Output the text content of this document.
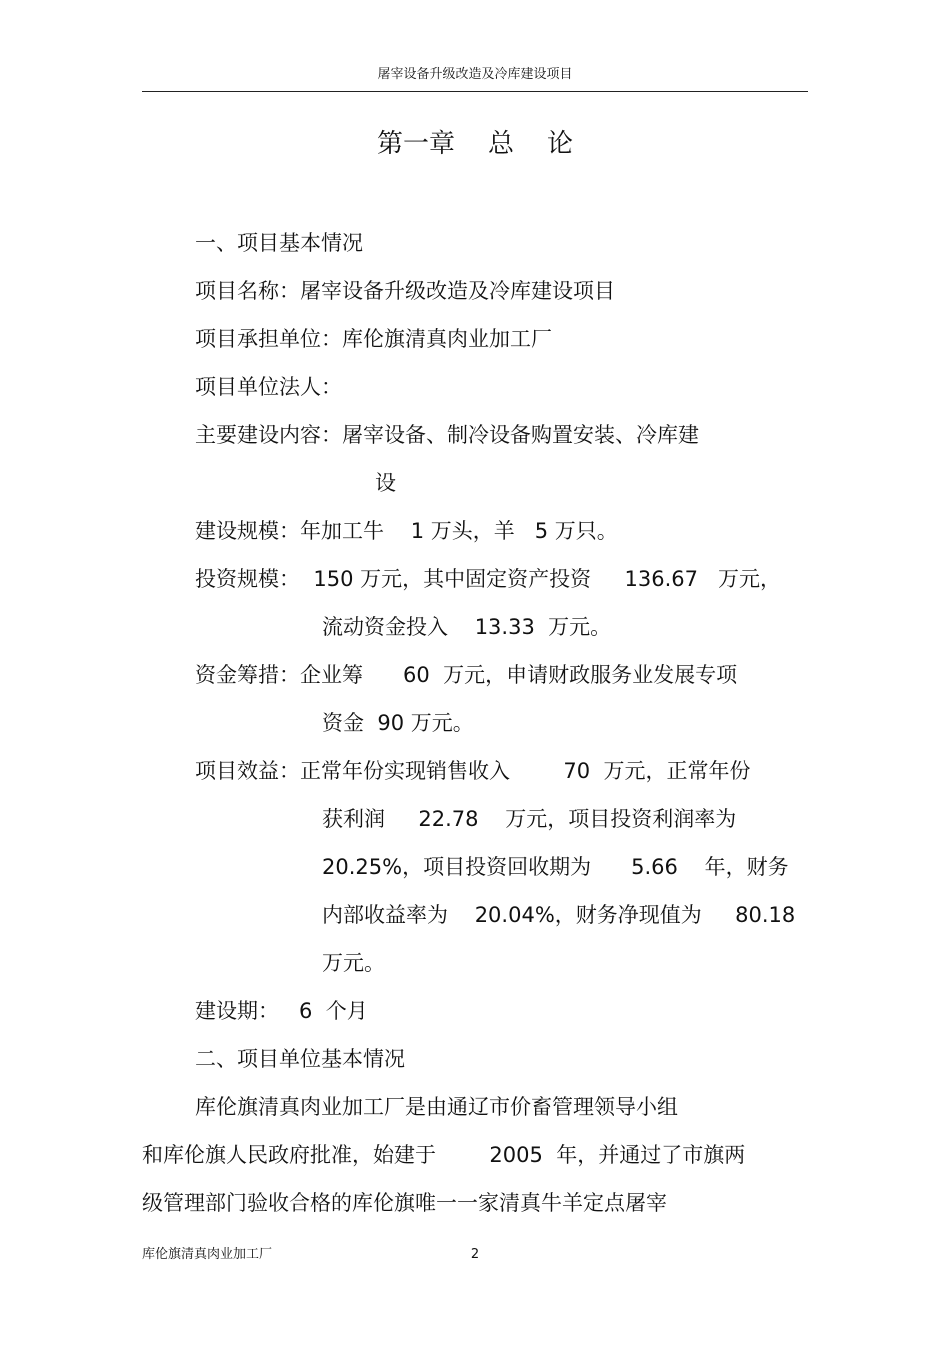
屠宰设备升级改造及冷库建设项目
第一章    总    论
一、项目基本情况
项目名称：屠宰设备升级改造及冷库建设项目
项目承担单位：库伦旗清真肉业加工厂
项目单位法人：
主要建设内容：屠宰设备、制冷设备购置安装、冷库建
设
建设规模：年加工牛    1 万头，羊   5 万只。
投资规模：  150 万元，其中固定资产投资     136.67   万元，
流动资金投入    13.33  万元。
资金筹措：企业筹      60  万元，申请财政服务业发展专项
资金  90 万元。
项目效益：正常年份实现销售收入        70  万元，正常年份
获利润     22.78    万元，项目投资利润率为
20.25%，项目投资回收期为      5.66    年，财务
内部收益率为    20.04%，财务净现值为     80.18
万元。
建设期：   6  个月
二、项目单位基本情况
库伦旗清真肉业加工厂是由通辽市价畜管理领导小组
和库伦旗人民政府批准，始建于        2005  年，并通过了市旗两
级管理部门验收合格的库伦旗唯一一家清真牛羊定点屠宰
库伦旗清真肉业加工厂	2
